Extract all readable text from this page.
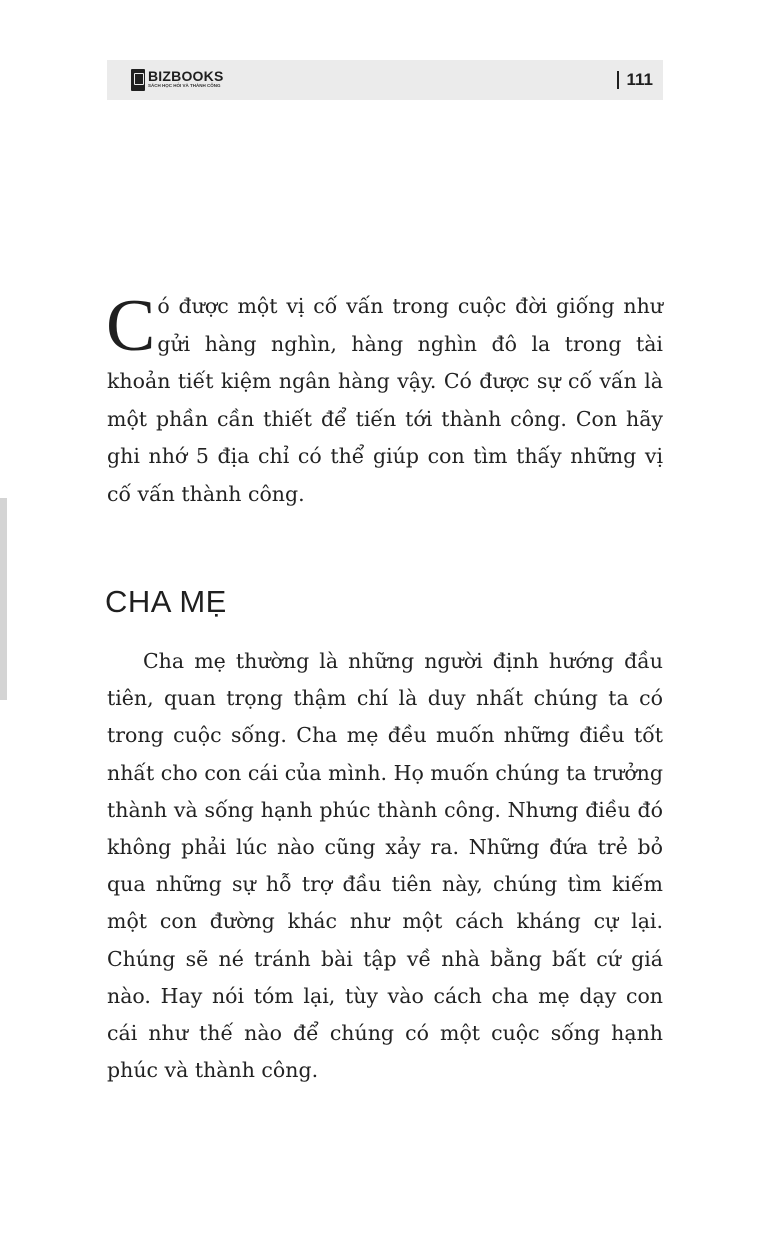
BIZBOOKS
SÁCH HỌC HỎI VÀ THÀNH CÔNG	111

Có được một vị cố vấn trong cuộc đời giống như gửi hàng nghìn, hàng nghìn đô la trong tài khoản tiết kiệm ngân hàng vậy. Có được sự cố vấn là một phần cần thiết để tiến tới thành công. Con hãy ghi nhớ 5 địa chỉ có thể giúp con tìm thấy những vị cố vấn thành công.

CHA MẸ

Cha mẹ thường là những người định hướng đầu tiên, quan trọng thậm chí là duy nhất chúng ta có trong cuộc sống. Cha mẹ đều muốn những điều tốt nhất cho con cái của mình. Họ muốn chúng ta trưởng thành và sống hạnh phúc thành công. Nhưng điều đó không phải lúc nào cũng xảy ra. Những đứa trẻ bỏ qua những sự hỗ trợ đầu tiên này, chúng tìm kiếm một con đường khác như một cách kháng cự lại. Chúng sẽ né tránh bài tập về nhà bằng bất cứ giá nào. Hay nói tóm lại, tùy vào cách cha mẹ dạy con cái như thế nào để chúng có một cuộc sống hạnh phúc và thành công.
